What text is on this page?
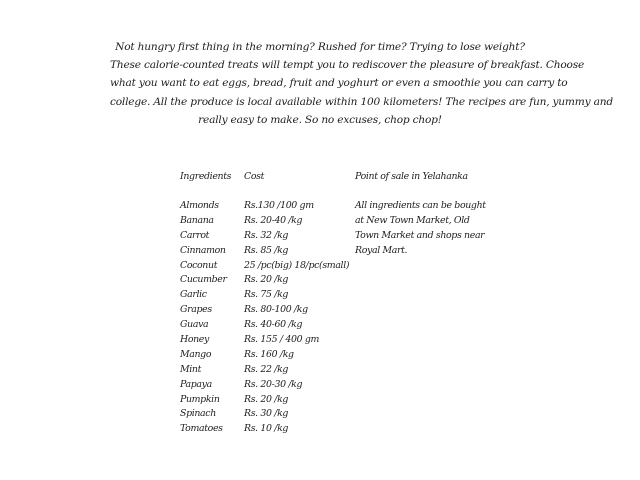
Not hungry first thing in the morning? Rushed for time? Trying to lose weight?

These calorie-counted treats will tempt you to rediscover the pleasure of breakfast. Choose

what you want to eat eggs, bread, fruit and yoghurt or even a smoothie you can carry to

college. All the produce is local available within 100 kilometers! The recipes are fun, yummy and

really easy to make. So no excuses, chop chop!

Ingredients	Cost	Point of sale in Yelahanka
Almonds	Rs.130 /100 gm
Banana	Rs. 20-40 /kg
Carrot	Rs. 32 /kg
Cinnamon	Rs. 85 /kg
Coconut	25 /pc(big) 18/pc(small)
Cucumber	Rs. 20 /kg
Garlic	Rs. 75 /kg
Grapes	Rs. 80-100 /kg
Guava	Rs. 40-60 /kg
Honey	Rs. 155 / 400 gm
Mango	Rs. 160 /kg
Mint	Rs. 22 /kg
Papaya	Rs. 20-30 /kg
Pumpkin	Rs. 20 /kg
Spinach	Rs. 30 /kg
Tomatoes	Rs. 10 /kg
All ingredients can be bought
at New Town Market, Old
Town Market and shops near
Royal Mart.
